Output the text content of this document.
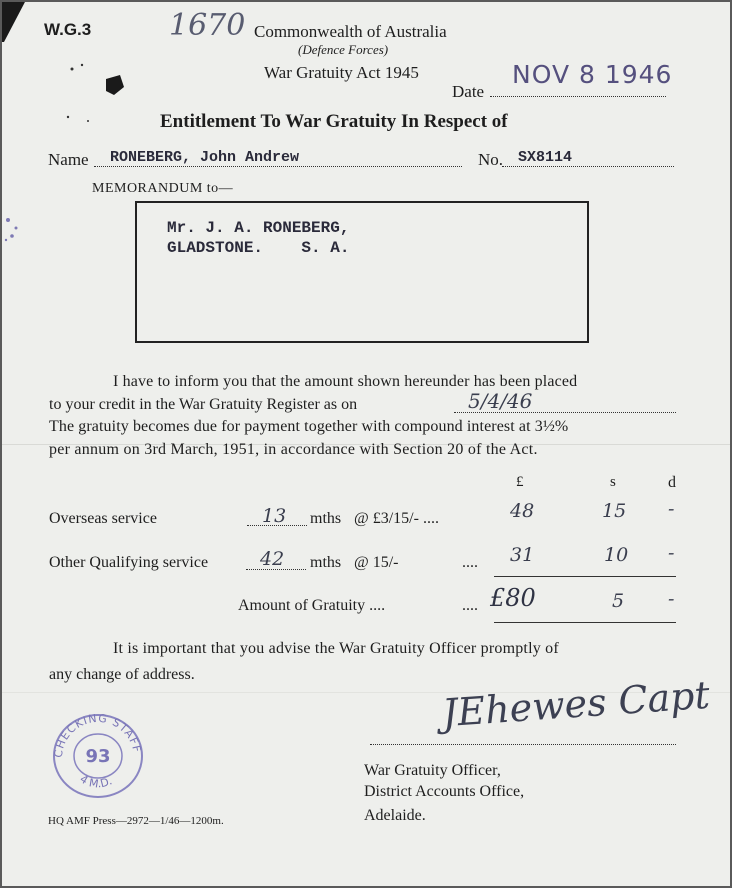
W.G.3	1670 Commonwealth of Australia
(Defence Forces)
War Gratuity Act 1945
Date
NOV 8 1946
Entitlement To War Gratuity In Respect of
Name RONEBERG, John Andrew	No. SX8114
MEMORANDUM to—
Mr. J. A. RONEBERG,
GLADSTONE.    S. A.
I have to inform you that the amount shown hereunder has been placed
to your credit in the War Gratuity Register as on	5/4/46
The gratuity becomes due for payment together with compound interest at 3½%
per annum on 3rd March, 1951, in accordance with Section 20 of the Act.
£	s	d
Overseas service	13 mths @ £3/15/- ....	48	15 -
Other Qualifying service	42 mths @ 15/-	.... 31	10 -
Amount of Gratuity ....	.... £80	5 -
It is important that you advise the War Gratuity Officer promptly of
any change of address.	JEhewes Capt
War Gratuity Officer,
District Accounts Office,
Adelaide.
CHECKING STAFF
4 M.D.
93
HQ AMF Press—2972—1/46—1200m.
